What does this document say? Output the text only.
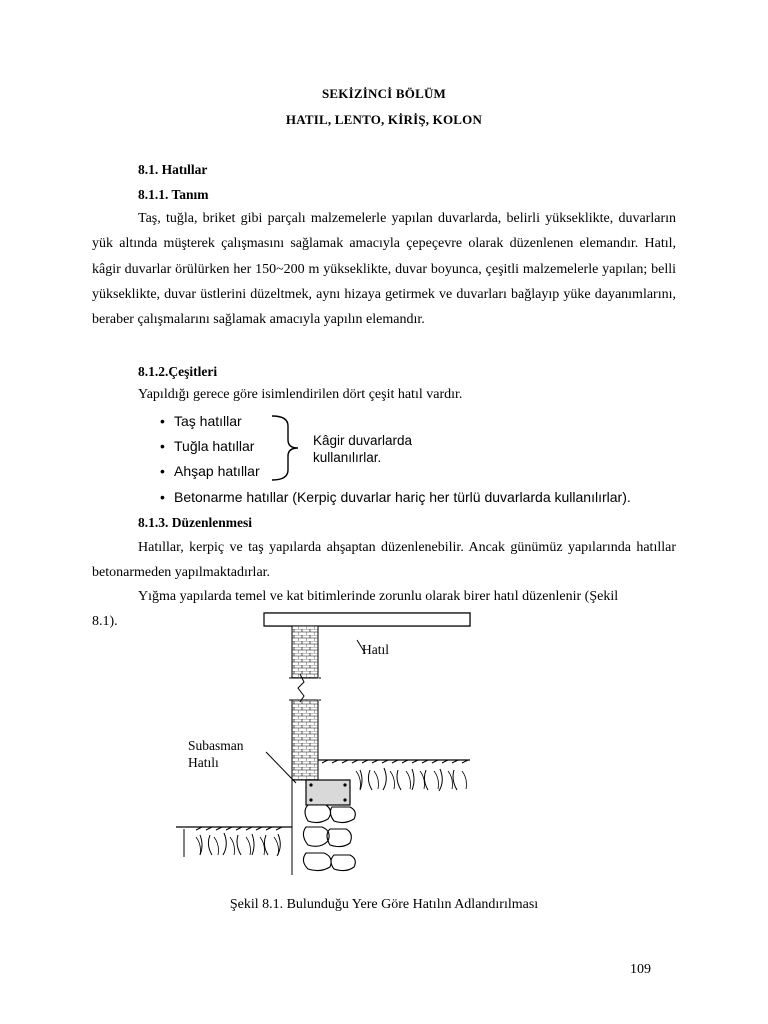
SEKİZİNCİ BÖLÜM
HATIL, LENTO, KİRİŞ, KOLON
8.1. Hatıllar
8.1.1. Tanım
Taş, tuğla, briket gibi parçalı malzemelerle yapılan duvarlarda, belirli yükseklikte, duvarların yük altında müşterek çalışmasını sağlamak amacıyla çepeçevre olarak düzenlenen elemandır. Hatıl, kâgir duvarlar örülürken her 150~200 m yükseklikte, duvar boyunca, çeşitli malzemelerle yapılan; belli yükseklikte, duvar üstlerini düzeltmek, aynı hizaya getirmek ve duvarları bağlayıp yüke dayanımlarını, beraber çalışmalarını sağlamak amacıyla yapılın elemandır.
8.1.2.Çeşitleri
Yapıldığı gerece göre isimlendirilen dört çeşit hatıl vardır.
• Taş hatıllar
• Tuğla hatıllar
• Ahşap hatıllar
• Betonarme hatıllar (Kerpiç duvarlar hariç her türlü duvarlarda kullanılırlar).
Kâgir duvarlarda
kullanılırlar.
8.1.3. Düzenlenmesi
Hatıllar, kerpiç ve taş yapılarda ahşaptan düzenlenebilir. Ancak günümüz yapılarında hatıllar betonarmeden yapılmaktadırlar.
Yığma yapılarda temel ve kat bitimlerinde zorunlu olarak birer hatıl düzenlenir (Şekil
8.1).
Hatıl
Subasman
Hatılı
Şekil 8.1. Bulunduğu Yere Göre Hatılın Adlandırılması
109
